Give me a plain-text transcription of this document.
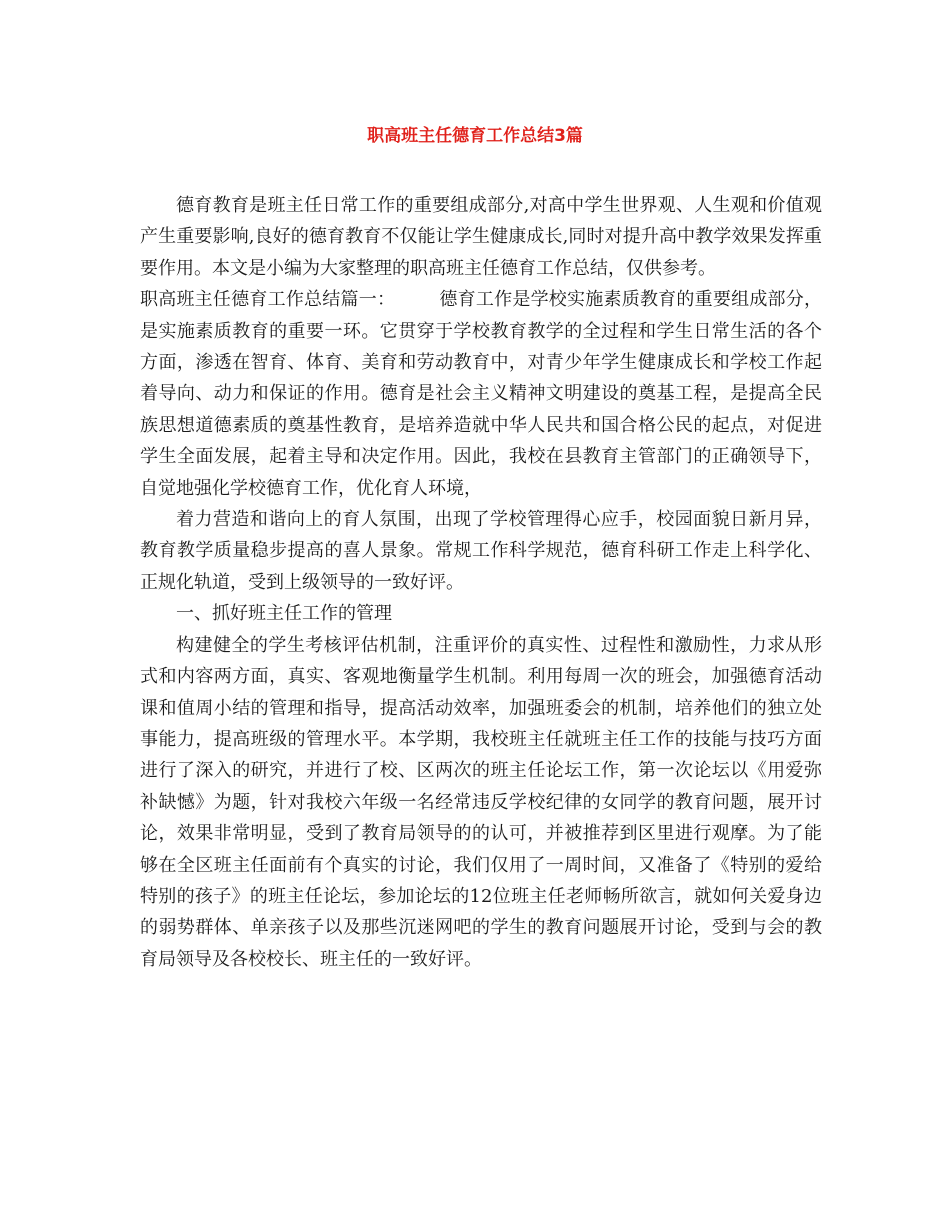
职高班主任德育工作总结3篇

德育教育是班主任日常工作的重要组成部分,对高中学生世界观、人生观和价值观产生重要影响,良好的德育教育不仅能让学生健康成长,同时对提升高中教学效果发挥重要作用。本文是小编为大家整理的职高班主任德育工作总结，仅供参考。

职高班主任德育工作总结篇一： 德育工作是学校实施素质教育的重要组成部分，是实施素质教育的重要一环。它贯穿于学校教育教学的全过程和学生日常生活的各个方面，渗透在智育、体育、美育和劳动教育中，对青少年学生健康成长和学校工作起着导向、动力和保证的作用。德育是社会主义精神文明建设的奠基工程，是提高全民族思想道德素质的奠基性教育，是培养造就中华人民共和国合格公民的起点，对促进学生全面发展，起着主导和决定作用。因此，我校在县教育主管部门的正确领导下，自觉地强化学校德育工作，优化育人环境，

着力营造和谐向上的育人氛围，出现了学校管理得心应手，校园面貌日新月异，教育教学质量稳步提高的喜人景象。常规工作科学规范，德育科研工作走上科学化、正规化轨道，受到上级领导的一致好评。

一、抓好班主任工作的管理

构建健全的学生考核评估机制，注重评价的真实性、过程性和激励性，力求从形式和内容两方面，真实、客观地衡量学生机制。利用每周一次的班会，加强德育活动课和值周小结的管理和指导，提高活动效率，加强班委会的机制，培养他们的独立处事能力，提高班级的管理水平。本学期，我校班主任就班主任工作的技能与技巧方面进行了深入的研究，并进行了校、区两次的班主任论坛工作，第一次论坛以《用爱弥补缺憾》为题，针对我校六年级一名经常违反学校纪律的女同学的教育问题，展开讨论，效果非常明显，受到了教育局领导的的认可，并被推荐到区里进行观摩。为了能够在全区班主任面前有个真实的讨论，我们仅用了一周时间，又准备了《特别的爱给特别的孩子》的班主任论坛，参加论坛的12位班主任老师畅所欲言，就如何关爱身边的弱势群体、单亲孩子以及那些沉迷网吧的学生的教育问题展开讨论，受到与会的教育局领导及各校校长、班主任的一致好评。
